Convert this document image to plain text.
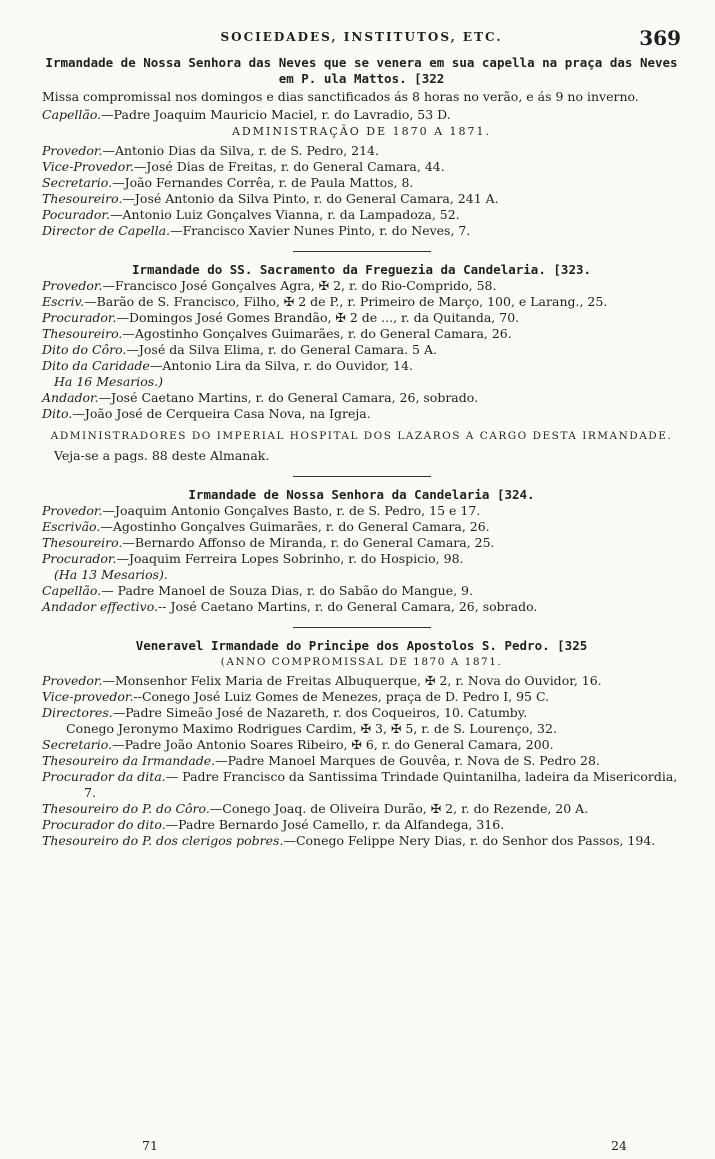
SOCIEDADES, INSTITUTOS, ETC.	369

Irmandade de Nossa Senhora das Neves que se venera em sua capella na praça das Neves em P. ula Mattos. [322

Missa compromissal nos domingos e dias sanctificados ás 8 horas no verão, e ás 9 no inverno.

Capellão.—Padre Joaquim Mauricio Maciel, r. do Lavradio, 53 D.

ADMINISTRAÇÃO DE 1870 A 1871.

Provedor.—Antonio Dias da Silva, r. de S. Pedro, 214.

Vice-Provedor.—José Dias de Freitas, r. do General Camara, 44.

Secretario.—João Fernandes Corrêa, r. de Paula Mattos, 8.

Thesoureiro.—José Antonio da Silva Pinto, r. do General Camara, 241 A.

Pocurador.—Antonio Luiz Gonçalves Vianna, r. da Lampadoza, 52.

Director de Capella.—Francisco Xavier Nunes Pinto, r. do Neves, 7.

Irmandade do SS. Sacramento da Freguezia da Candelaria. [323.

Provedor.—Francisco José Gonçalves Agra, ✠ 2, r. do Rio-Comprido, 58.

Escriv.—Barão de S. Francisco, Filho, ✠ 2 de P., r. Primeiro de Março, 100, e Larang., 25.

Procurador.—Domingos José Gomes Brandão, ✠ 2 de ..., r. da Quitanda, 70.

Thesoureiro.—Agostinho Gonçalves Guimarães, r. do General Camara, 26.

Dito do Côro.—José da Silva Elima, r. do General Camara. 5 A.

Dito da Caridade—Antonio Lira da Silva, r. do Ouvidor, 14.

Ha 16 Mesarios.)

Andador.—José Caetano Martins, r. do General Camara, 26, sobrado.

Dito.—João José de Cerqueira Casa Nova, na Igreja.

ADMINISTRADORES DO IMPERIAL HOSPITAL DOS LAZAROS A CARGO DESTA IRMANDADE.

Veja-se a pags. 88 deste Almanak.

Irmandade de Nossa Senhora da Candelaria [324.

Provedor.—Joaquim Antonio Gonçalves Basto, r. de S. Pedro, 15 e 17.

Escrivão.—Agostinho Gonçalves Guimarães, r. do General Camara, 26.

Thesoureiro.—Bernardo Affonso de Miranda, r. do General Camara, 25.

Procurador.—Joaquim Ferreira Lopes Sobrinho, r. do Hospicio, 98.

(Ha 13 Mesarios).

Capellão.— Padre Manoel de Souza Dias, r. do Sabão do Mangue, 9.

Andador effectivo.-- José Caetano Martins, r. do General Camara, 26, sobrado.

Veneravel Irmandade do Principe dos Apostolos S. Pedro. [325

(ANNO COMPROMISSAL DE 1870 A 1871.

Provedor.—Monsenhor Felix Maria de Freitas Albuquerque, ✠ 2, r. Nova do Ouvidor, 16.

Vice-provedor.--Conego José Luiz Gomes de Menezes, praça de D. Pedro I, 95 C.

Directores.—Padre Simeão José de Nazareth, r. dos Coqueiros, 10. Catumby.

Conego Jeronymo Maximo Rodrigues Cardim, ✠ 3, ✠ 5, r. de S. Lourenço, 32.

Secretario.—Padre João Antonio Soares Ribeiro, ✠ 6, r. do General Camara, 200.

Thesoureiro da Irmandade.—Padre Manoel Marques de Gouvêa, r. Nova de S. Pedro 28.

Procurador da dita.— Padre Francisco da Santissima Trindade Quintanilha, ladeira da Misericordia, 7.

Thesoureiro do P. do Côro.—Conego Joaq. de Oliveira Durão, ✠ 2, r. do Rezende, 20 A.

Procurador do dito.—Padre Bernardo José Camello, r. da Alfandega, 316.

Thesoureiro do P. dos clerigos pobres.—Conego Felippe Nery Dias, r. do Senhor dos Passos, 194.

71	24
